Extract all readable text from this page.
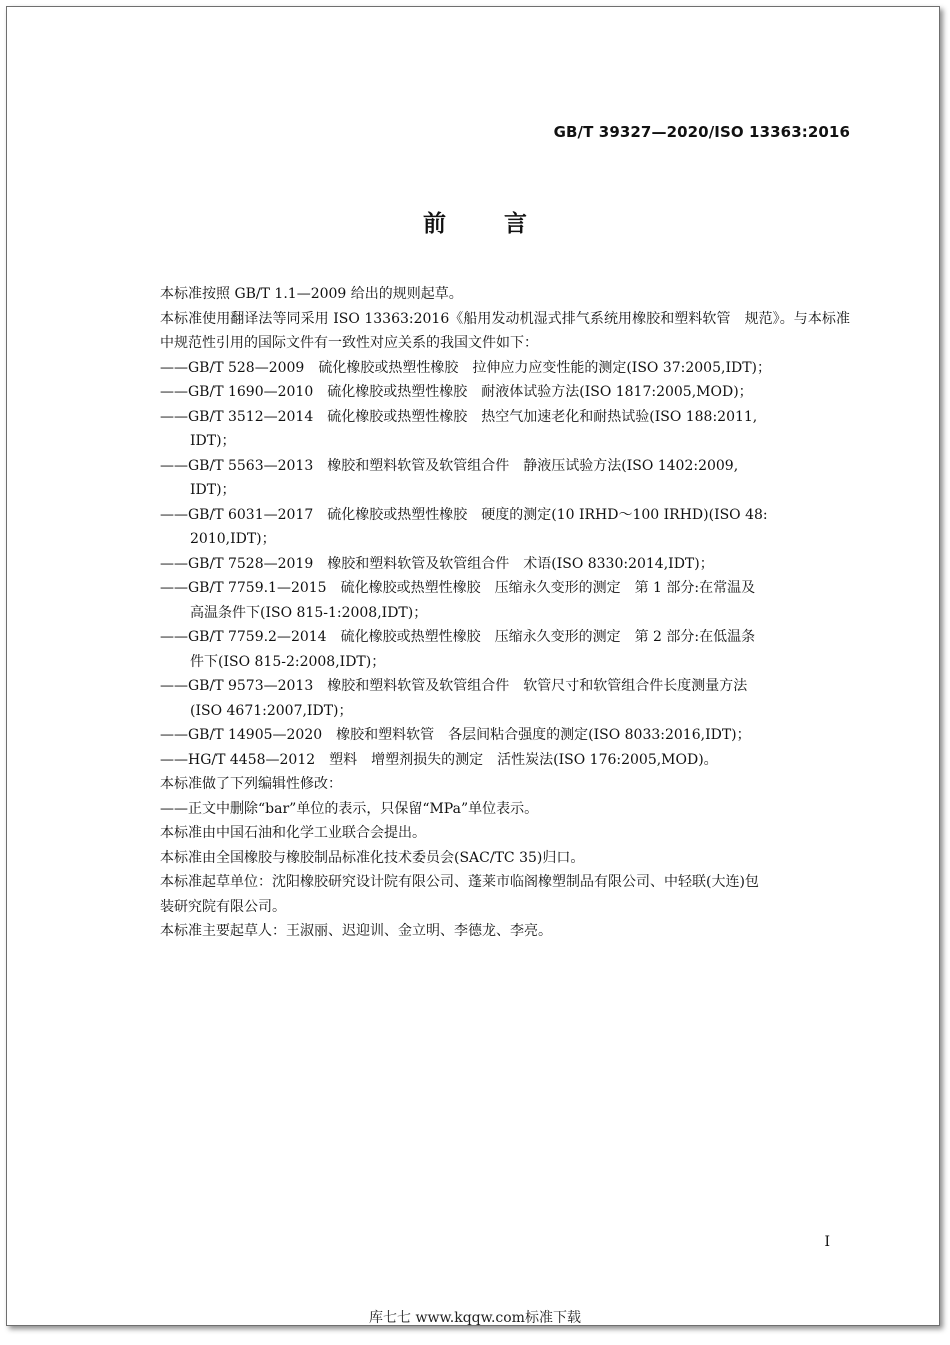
GB/T 39327—2020/ISO 13363:2016
前言

本标准按照 GB/T 1.1—2009 给出的规则起草。

本标准使用翻译法等同采用 ISO 13363:2016《船用发动机湿式排气系统用橡胶和塑料软管　规范》。与本标准中规范性引用的国际文件有一致性对应关系的我国文件如下：

——GB/T 528—2009　硫化橡胶或热塑性橡胶　拉伸应力应变性能的测定(ISO 37:2005,IDT)；
——GB/T 1690—2010　硫化橡胶或热塑性橡胶　耐液体试验方法(ISO 1817:2005,MOD)；
——GB/T 3512—2014　硫化橡胶或热塑性橡胶　热空气加速老化和耐热试验(ISO 188:2011,
IDT)；
——GB/T 5563—2013　橡胶和塑料软管及软管组合件　静液压试验方法(ISO 1402:2009,
IDT)；
——GB/T 6031—2017　硫化橡胶或热塑性橡胶　硬度的测定(10 IRHD～100 IRHD)(ISO 48:
2010,IDT)；
——GB/T 7528—2019　橡胶和塑料软管及软管组合件　术语(ISO 8330:2014,IDT)；
——GB/T 7759.1—2015　硫化橡胶或热塑性橡胶　压缩永久变形的测定　第 1 部分:在常温及
高温条件下(ISO 815-1:2008,IDT)；
——GB/T 7759.2—2014　硫化橡胶或热塑性橡胶　压缩永久变形的测定　第 2 部分:在低温条
件下(ISO 815-2:2008,IDT)；
——GB/T 9573—2013　橡胶和塑料软管及软管组合件　软管尺寸和软管组合件长度测量方法
(ISO 4671:2007,IDT)；
——GB/T 14905—2020　橡胶和塑料软管　各层间粘合强度的测定(ISO 8033:2016,IDT)；
——HG/T 4458—2012　塑料　增塑剂损失的测定　活性炭法(ISO 176:2005,MOD)。

本标准做了下列编辑性修改：

——正文中删除“bar”单位的表示，只保留“MPa”单位表示。

本标准由中国石油和化学工业联合会提出。

本标准由全国橡胶与橡胶制品标准化技术委员会(SAC/TC 35)归口。

本标准起草单位：沈阳橡胶研究设计院有限公司、蓬莱市临阁橡塑制品有限公司、中轻联(大连)包
装研究院有限公司。

本标准主要起草人：王淑丽、迟迎训、金立明、李德龙、李亮。

I
库七七 www.kqqw.com标准下载
